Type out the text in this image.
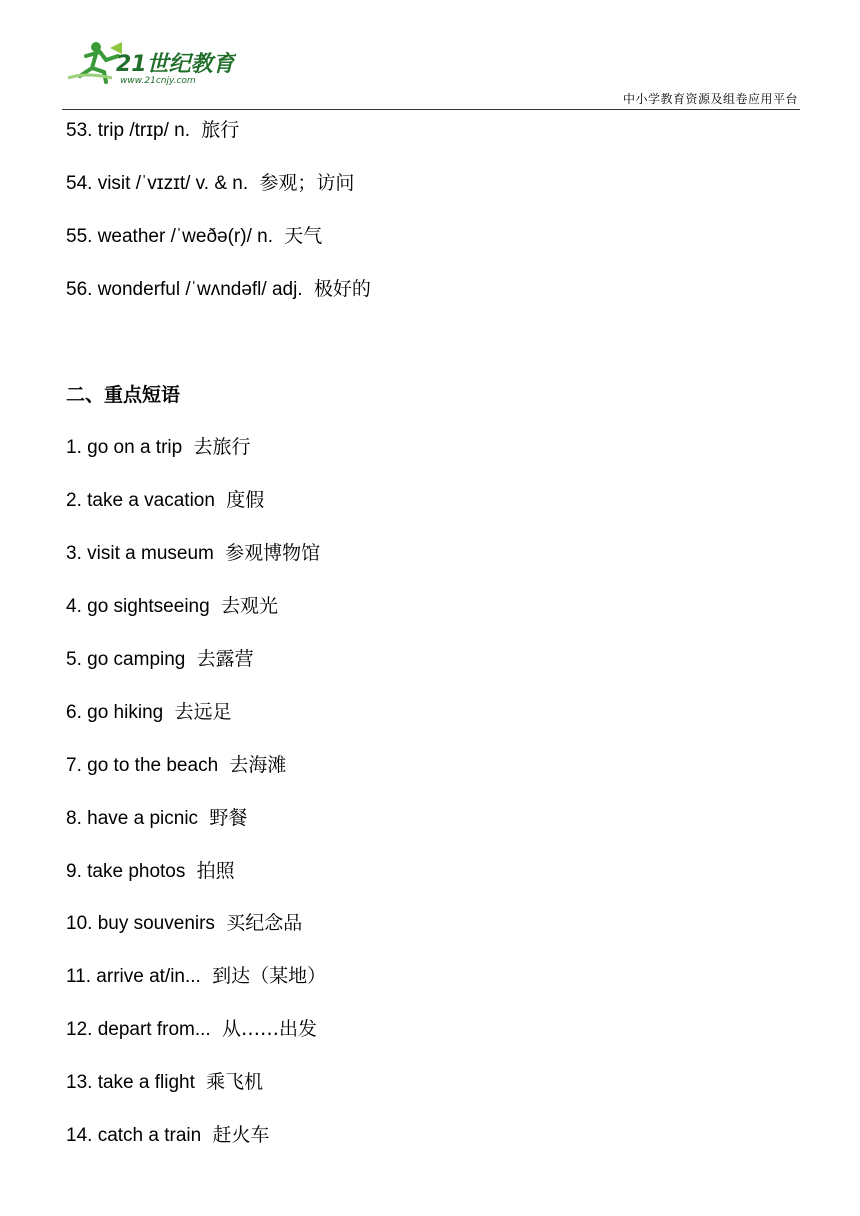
21世纪教育
www.21cnjy.com
中小学教育资源及组卷应用平台
53. trip /trɪp/ n. 旅行
54. visit /ˈvɪzɪt/ v. & n. 参观；访问
55. weather /ˈweðə(r)/ n. 天气
56. wonderful /ˈwʌndəfl/ adj. 极好的
二、重点短语
1. go on a trip 去旅行
2. take a vacation 度假
3. visit a museum 参观博物馆
4. go sightseeing 去观光
5. go camping 去露营
6. go hiking 去远足
7. go to the beach 去海滩
8. have a picnic 野餐
9. take photos 拍照
10. buy souvenirs 买纪念品
11. arrive at/in... 到达（某地）
12. depart from... 从……出发
13. take a flight 乘飞机
14. catch a train 赶火车
